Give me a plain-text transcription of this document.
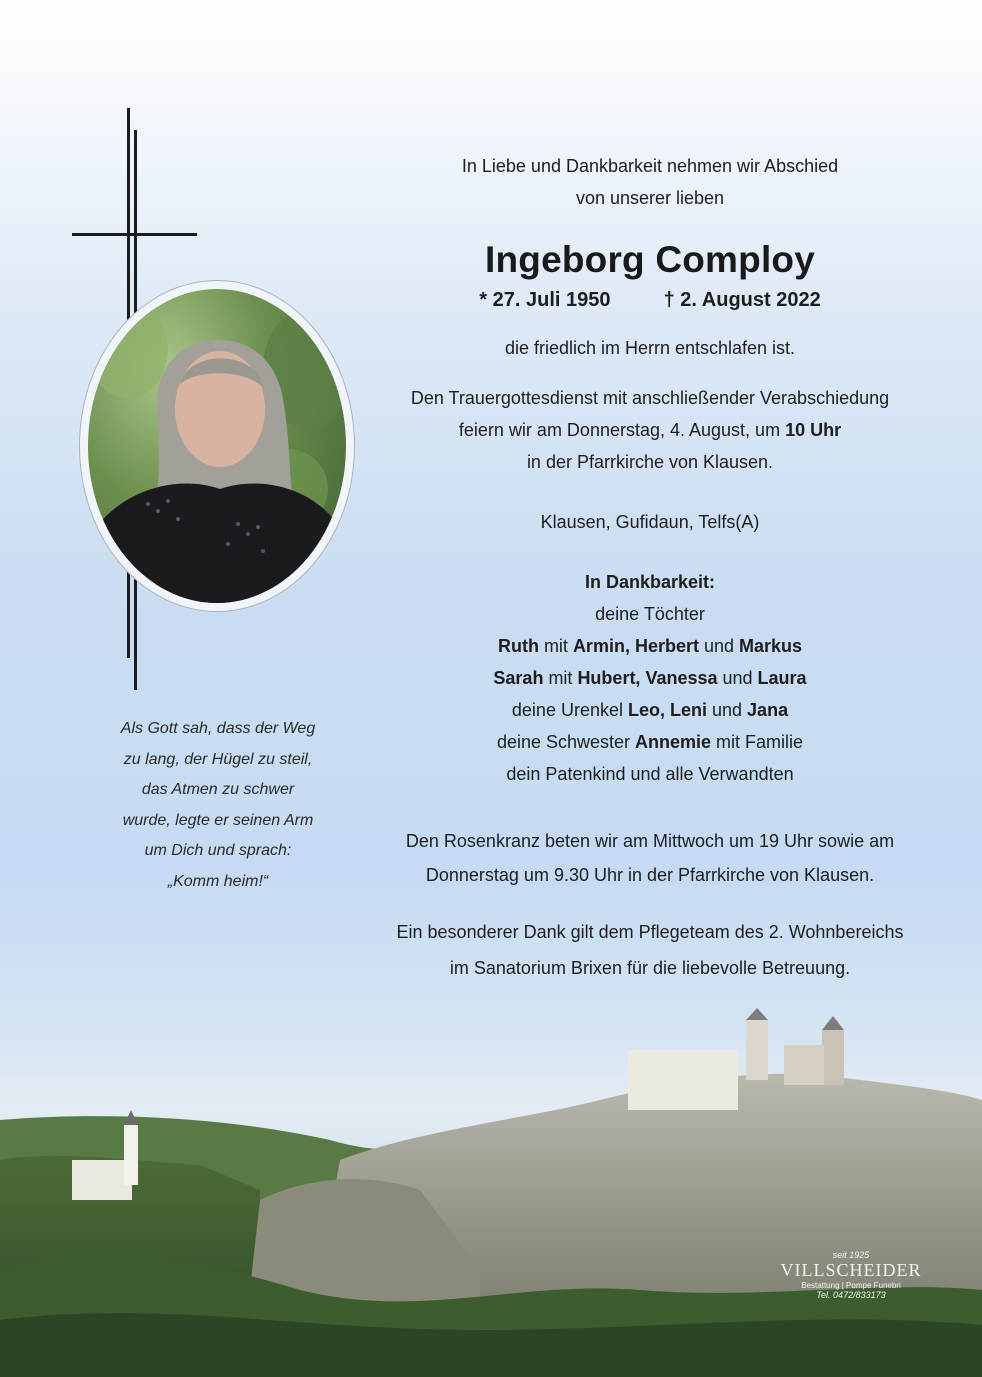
Als Gott sah, dass der Weg
zu lang, der Hügel zu steil,
das Atmen zu schwer
wurde, legte er seinen Arm
um Dich und sprach:
„Komm heim!“
In Liebe und Dankbarkeit nehmen wir Abschied
von unserer lieben
Ingeborg Comploy
* 27. Juli 1950	† 2. August 2022
die friedlich im Herrn entschlafen ist.
Den Trauergottesdienst mit anschließender Verabschiedung
feiern wir am Donnerstag, 4. August, um 10 Uhr
in der Pfarrkirche von Klausen.
Klausen, Gufidaun, Telfs(A)
In Dankbarkeit:
deine Töchter
Ruth mit Armin, Herbert und Markus
Sarah mit Hubert, Vanessa und Laura
deine Urenkel Leo, Leni und Jana
deine Schwester Annemie mit Familie
dein Patenkind und alle Verwandten
Den Rosenkranz beten wir am Mittwoch um 19 Uhr sowie am
Donnerstag um 9.30 Uhr in der Pfarrkirche von Klausen.
Ein besonderer Dank gilt dem Pflegeteam des 2. Wohnbereichs
im Sanatorium Brixen für die liebevolle Betreuung.
seit 1925
VILLSCHEIDER
Bestattung | Pompe Funebri
Tel. 0472/833173
